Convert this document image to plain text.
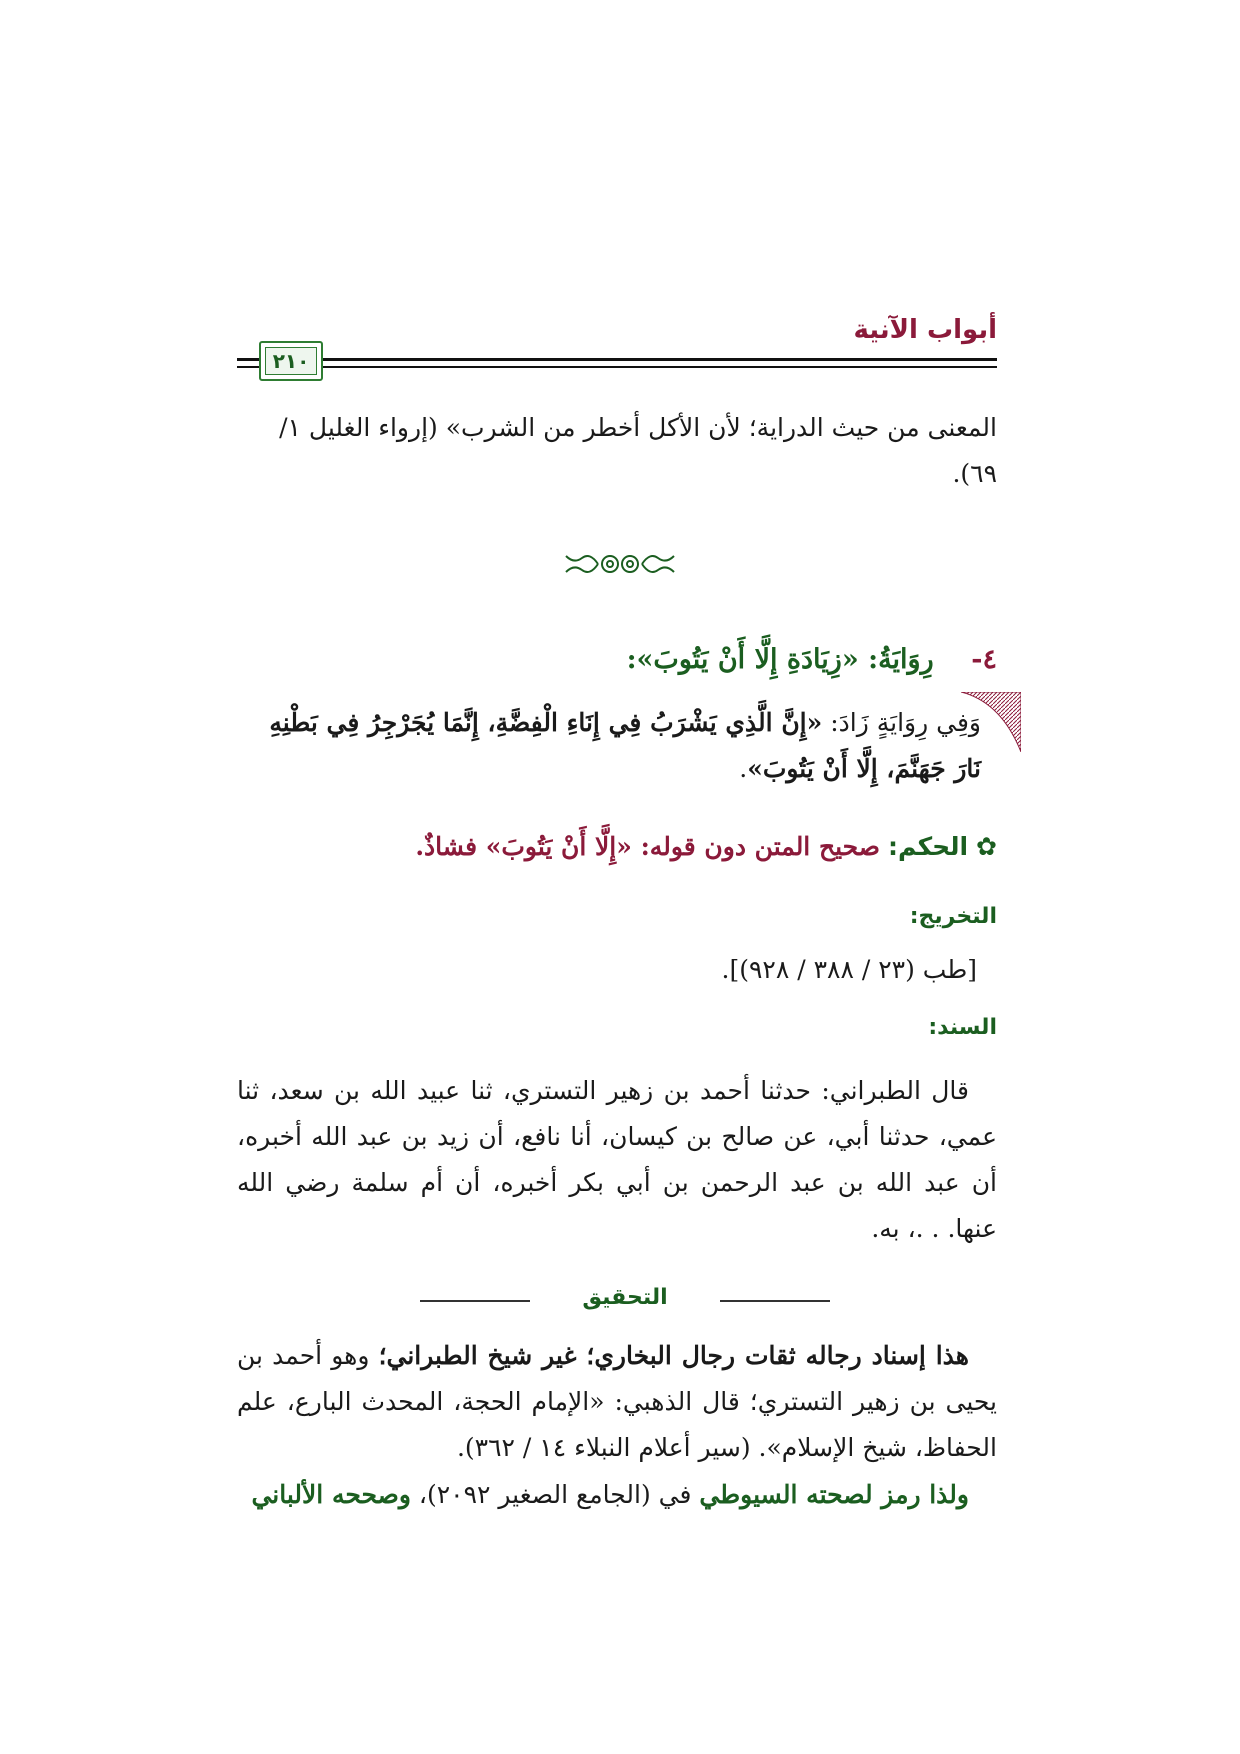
أبواب الآنية
٢١٠

المعنى من حيث الدراية؛ لأن الأكل أخطر من الشرب» (إرواء الغليل ١/

٦٩).

٤-    رِوَايَةُ: «زِيَادَةِ إِلَّا أَنْ يَتُوبَ»:
وَفِي رِوَايَةٍ زَادَ: «إِنَّ الَّذِي يَشْرَبُ فِي إِنَاءِ الْفِضَّةِ، إِنَّمَا يُجَرْجِرُ فِي بَطْنِهِ نَارَ جَهَنَّمَ، إِلَّا أَنْ يَتُوبَ».
✿ الحكم: صحيح المتن دون قوله: «إِلَّا أَنْ يَتُوبَ» فشاذٌ.
التخريج:
[طب (٢٣ / ٣٨٨ / ٩٢٨)].
السند:
قال الطبراني: حدثنا أحمد بن زهير التستري، ثنا عبيد الله بن سعد، ثنا عمي، حدثنا أبي، عن صالح بن كيسان، أنا نافع، أن زيد بن عبد الله أخبره، أن عبد الله بن عبد الرحمن بن أبي بكر أخبره، أن أم سلمة رضي الله عنها. . .، به.
التحقيق
هذا إسناد رجاله ثقات رجال البخاري؛ غير شيخ الطبراني؛ وهو أحمد بن يحيى بن زهير التستري؛ قال الذهبي: «الإمام الحجة، المحدث البارع، علم الحفاظ، شيخ الإسلام». (سير أعلام النبلاء ١٤ / ٣٦٢).
ولذا رمز لصحته السيوطي في (الجامع الصغير ٢٠٩٢)، وصححه الألباني
